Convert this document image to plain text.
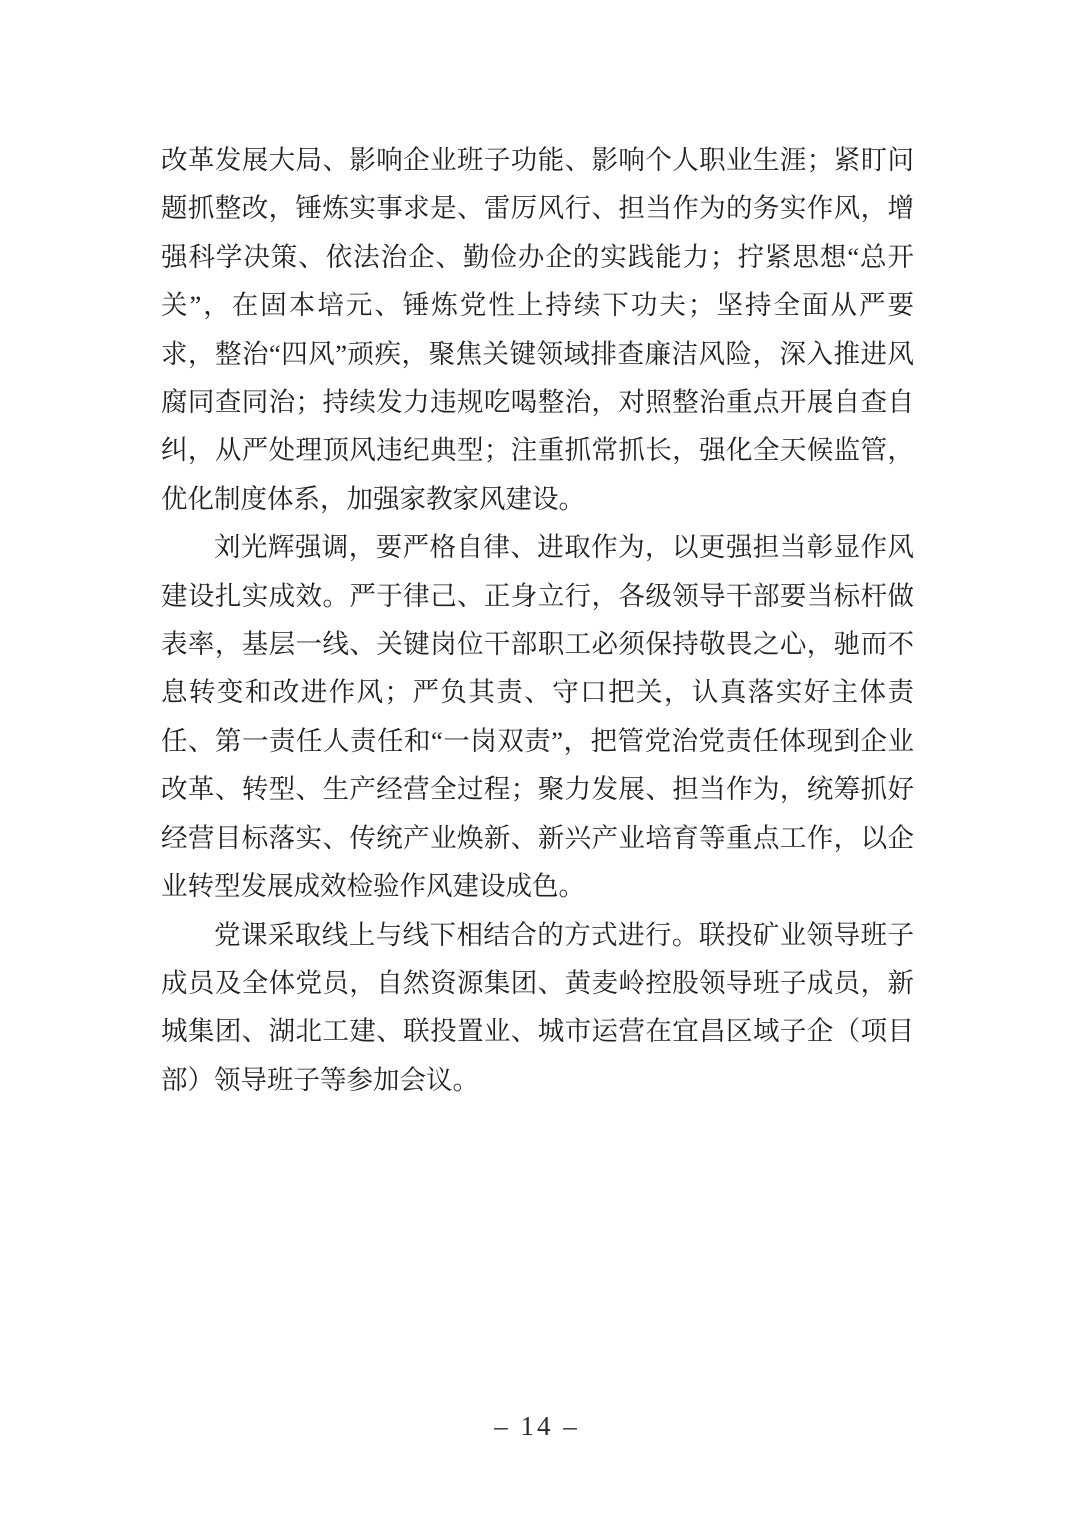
改革发展大局、影响企业班子功能、影响个人职业生涯；紧盯问题抓整改，锤炼实事求是、雷厉风行、担当作为的务实作风，增强科学决策、依法治企、勤俭办企的实践能力；拧紧思想“总开关”，在固本培元、锤炼党性上持续下功夫；坚持全面从严要求，整治“四风”顽疾，聚焦关键领域排查廉洁风险，深入推进风腐同查同治；持续发力违规吃喝整治，对照整治重点开展自查自纠，从严处理顶风违纪典型；注重抓常抓长，强化全天候监管，优化制度体系，加强家教家风建设。

刘光辉强调，要严格自律、进取作为，以更强担当彰显作风建设扎实成效。严于律己、正身立行，各级领导干部要当标杆做表率，基层一线、关键岗位干部职工必须保持敬畏之心，驰而不息转变和改进作风；严负其责、守口把关，认真落实好主体责任、第一责任人责任和“一岗双责”，把管党治党责任体现到企业改革、转型、生产经营全过程；聚力发展、担当作为，统筹抓好经营目标落实、传统产业焕新、新兴产业培育等重点工作，以企业转型发展成效检验作风建设成色。

党课采取线上与线下相结合的方式进行。联投矿业领导班子成员及全体党员，自然资源集团、黄麦岭控股领导班子成员，新城集团、湖北工建、联投置业、城市运营在宜昌区域子企（项目部）领导班子等参加会议。

– 14 –
